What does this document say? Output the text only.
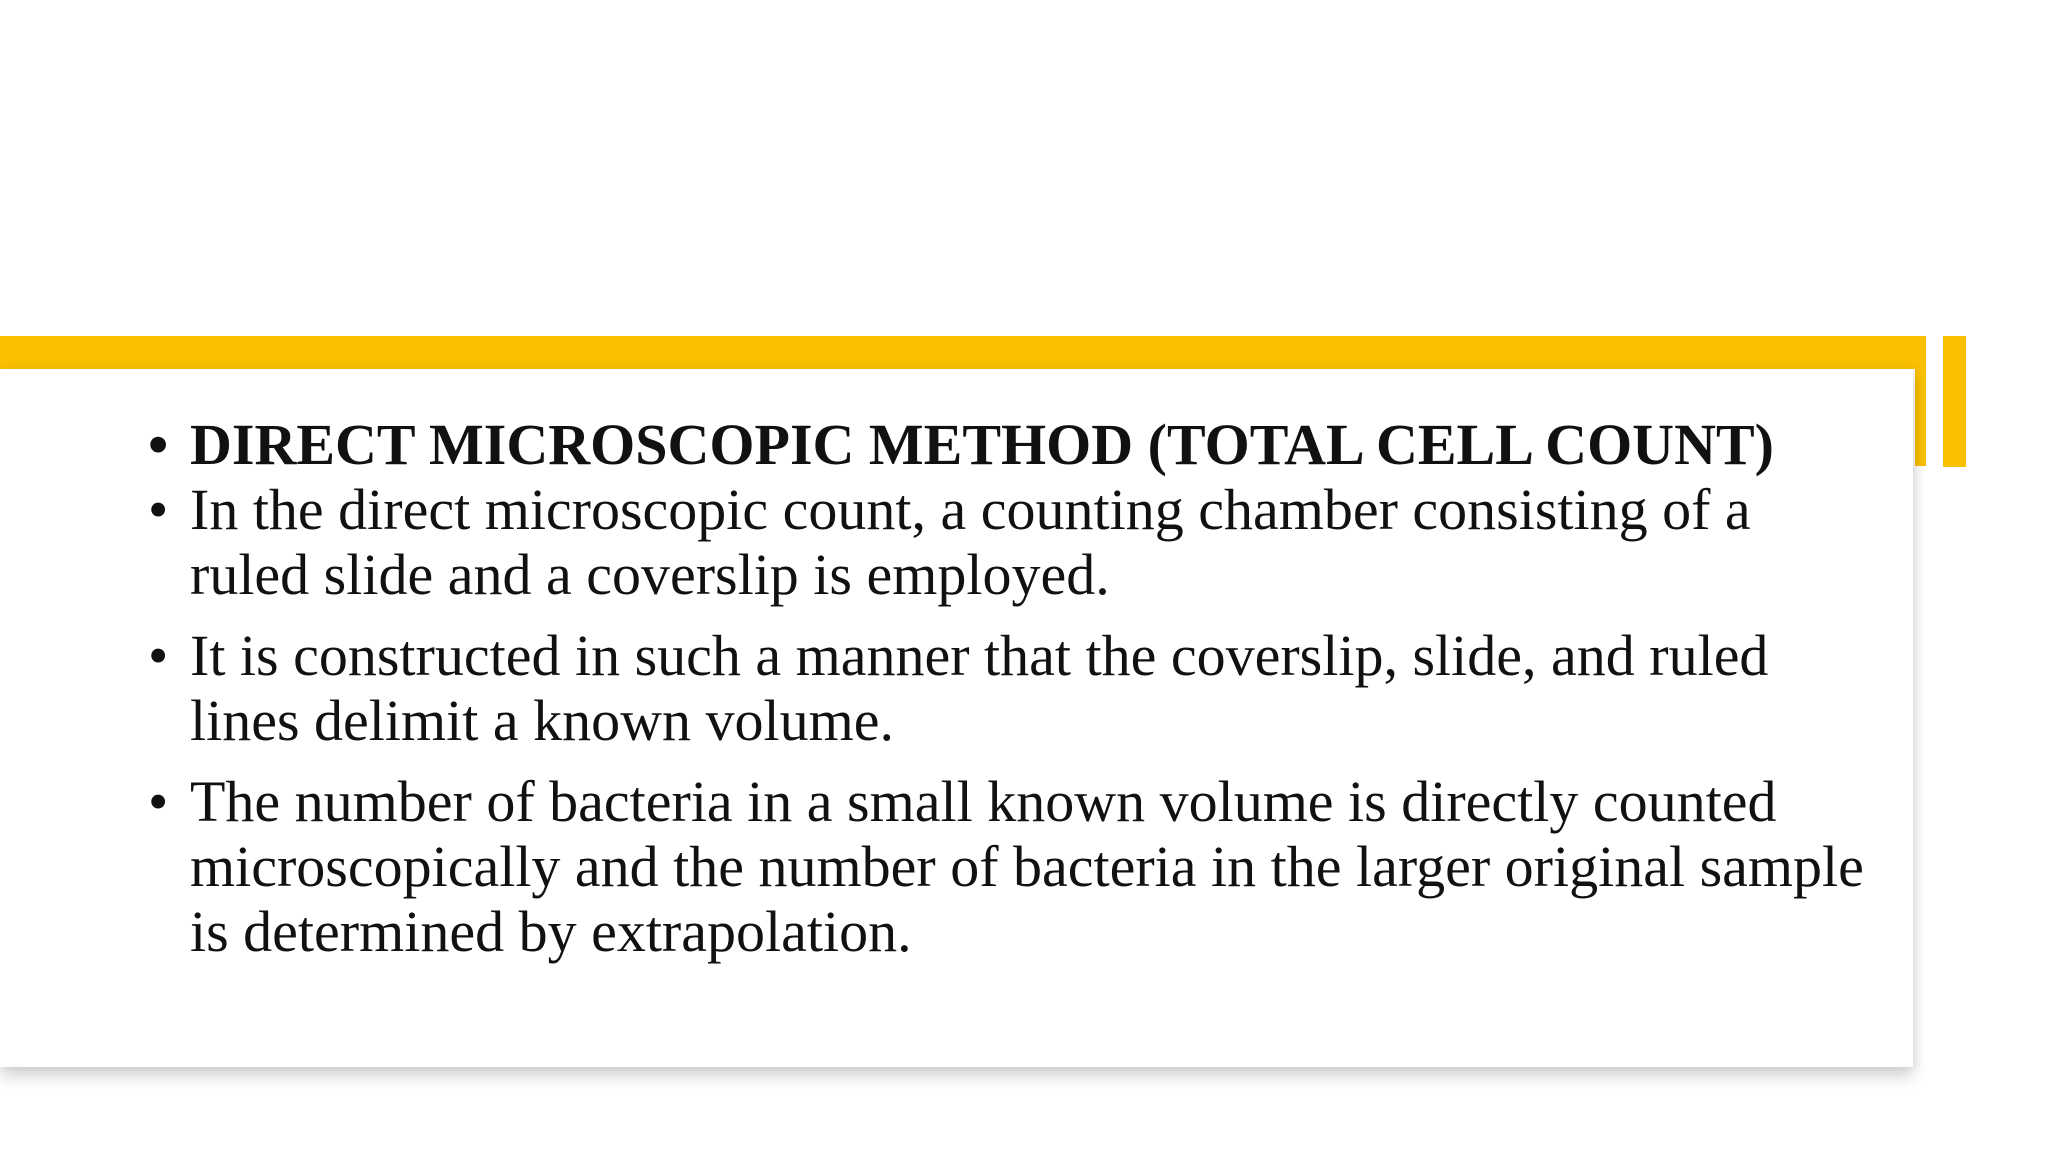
• DIRECT MICROSCOPIC METHOD (TOTAL CELL COUNT)
• In the direct microscopic count, a counting chamber consisting of a ruled slide and a coverslip is employed.
• It is constructed in such a manner that the coverslip, slide, and ruled lines delimit a known volume.
• The number of bacteria in a small known volume is directly counted microscopically and the number of bacteria in the larger original sample is determined by extrapolation.
